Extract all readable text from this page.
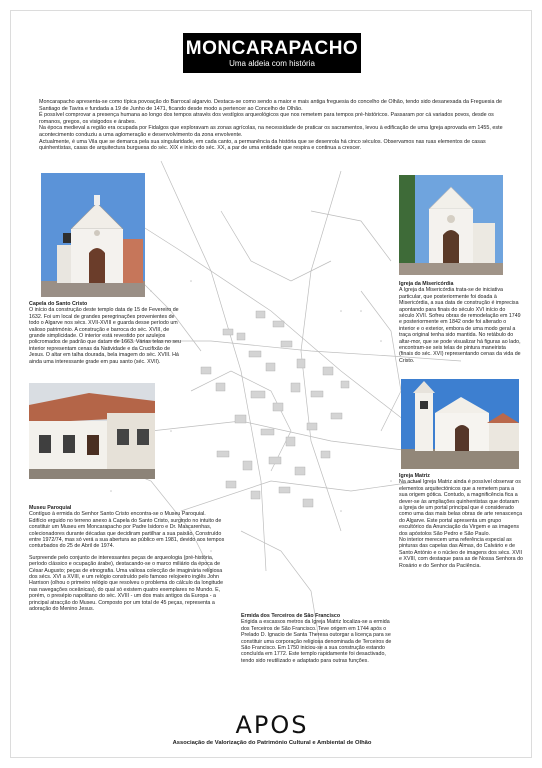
MONCARAPACHO
Uma aldeia com história

Moncarapacho apresenta-se como típica povoação do Barrocal algarvio. Destaca-se como sendo a maior e mais antiga freguesia do concelho de Olhão, tendo sido desanexada da Freguesia de Santiago de Tavira e fundada a 19 de Junho de 1471, ficando desde modo a pertencer ao Concelho de Olhão.

É possível comprovar a presença humana ao longo dos tempos através dos vestígios arqueológicos que nos remetem para tempos pré-históricos. Passaram por cá variados povos, desde os romanos, gregos, os visigodos e árabes.

Na época medieval a região era ocupada por Fidalgos que exploravam as zonas agrícolas, na necessidade de praticar os sacramentos, levou à edificação de uma Igreja aprovada em 1455, este acontecimento conduziu a uma aglomeração e desenvolvimento da zona envolvente.

Actualmente, é uma Vila que se demarca pela sua singularidade, em cada canto, a permanência da história que se desenrola há cinco séculos. Observamos nas ruas elementos de casas quinhentistas, casas de arquitectura burguesa do séc. XIX e início do séc. XX, a par de uma entidade que respira e continua a crescer.

Capela do Santo Cristo

O início da construção deste templo data de 15 de Fevereiro de 1632. Foi um local de grandes peregrinações provenientes de todo o Algarve nos sécs. XVII-XVIII e guarda desse período um valioso património. A construção e barroca do séc. XVIII, de grande simplicidade. O interior está revestido por azulejos policromados de padrão que datam de 1663. Várias telas no seu interior representam cenas da Natividade e da Crucifixão de Jesus. O altar em talha dourada, bela imagem do séc. XVIII. Há ainda uma interessante grade em pau santo (séc. XVII).

Igreja da Misericórdia

A Igreja da Misericórdia trata-se de iniciativa particular, que posteriormente foi doada à Misericórdia, a sua data de construção é imprecisa apontando para finais do século XVI início do século XVII. Sofreu obras de remodelação em 1749 e posteriormente em 1842 onde foi alterado o interior e o exterior, embora de uma modo geral a traça original tenha sido mantida. No retábulo do altar-mor, que se pode visualizar há figuras ao lado, encontram-se seis telas de pintura maneirista (finais do séc. XVI) representando cenas da vida de Cristo.

Museu Paroquial

Contíguo à ermida do Senhor Santo Cristo encontra-se o Museu Paroquial.

Edifício erguido no terreno anexo à Capela do Santo Cristo, surgindo no intuito de constituir um Museu em Moncarapacho por Padre Isidoro e Dr. Mascarenhas, colecionadores durante décadas que decidiram partilhar a sua paixão. Construído entre 1972/74, mas só verá a sua abertura ao público em 1981, devido aos tempos conturbados do 25 de Abril de 1974.

Surpreende pelo conjunto de interessantes peças de arqueologia (pré-história, período clássico e ocupação árabe), destacando-se o marco miliário da época de César Augusto; peças de etnografia. Uma valiosa colecção de imaginária religiosa dos sécs. XVI a XVIII, e um relógio construído pelo famoso relojoeiro inglês John Harrison (olhou o primeiro relógio que resolveu o problema do cálculo da longitude nas navegações oceânicas), do qual só existem quatro exemplares no Mundo. E, porém, o presépio napolitano do séc. XVIII - um dos mais antigos da Europa - a principal atracção do Museu. Composto por um total de 45 peças, representa a adoração do Menino Jesus.

Igreja Matriz

Na actual Igreja Matriz ainda é possível observar os elementos arquitectónicos que a remetem para a sua origem gótica. Contudo, a magnificência fica a dever-se às ampliações quinhentistas que dotaram a Igreja de um portal principal que é considerado como uma das mais belas obras de arte renascença do Algarve. Este portal apresenta um grupo escultórico da Anunciação da Virgem e as imagens dos apóstolos São Pedro e São Paulo.

No interior merecem uma referência especial as pinturas das capelas das Almas, do Calvário e de Santo António e o núcleo de imagens dos sécs. XVII e XVIII, com destaque para as de Nossa Senhora do Rosário e do Senhor da Paciência.

Ermida dos Terceiros de São Francisco

Erigida a escassos metros da Igreja Matriz localiza-se a ermida dos Terceiros de São Francisco. Teve origem em 1744 após o Prelado D. Ignacio de Santa Theresa outorgar a licença para se constituir uma corporação religiosa denominada de Terceiros de São Francisco. Em 1750 iniciou-se a sua construção estando concluída em 1772. Este templo rapidamente foi desactivado, tendo sido reutilizado e adaptado para outras funções.

APOS
Associação de Valorização do Património Cultural e Ambiental de Olhão
